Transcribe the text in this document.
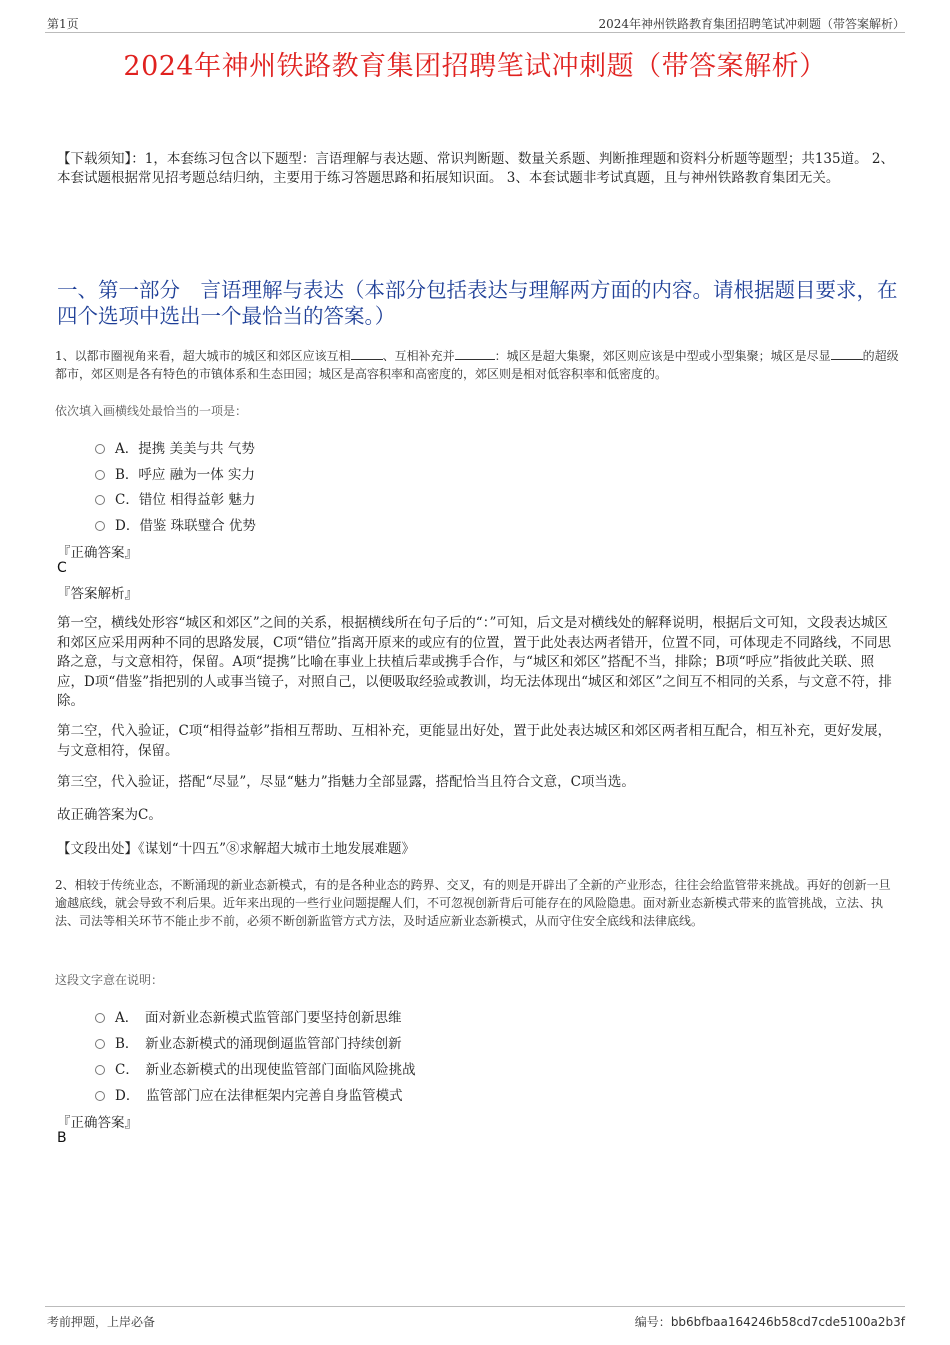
第1页	2024年神州铁路教育集团招聘笔试冲刺题（带答案解析）
2024年神州铁路教育集团招聘笔试冲刺题（带答案解析）
【下载须知】：1，本套练习包含以下题型：言语理解与表达题、常识判断题、数量关系题、判断推理题和资料分析题等题型；共135道。 2、本套试题根据常见招考题总结归纳，主要用于练习答题思路和拓展知识面。 3、本套试题非考试真题，且与神州铁路教育集团无关。
一、第一部分　言语理解与表达（本部分包括表达与理解两方面的内容。请根据题目要求，在四个选项中选出一个最恰当的答案。）
1、以都市圈视角来看，超大城市的城区和郊区应该互相	、互相补充并	：城区是超大集聚，郊区则应该是中型或小型集聚；城区是尽显	的超级都市，郊区则是各有特色的市镇体系和生态田园；城区是高容积率和高密度的，郊区则是相对低容积率和低密度的。
依次填入画横线处最恰当的一项是：
A．提携 美美与共 气势
B．呼应 融为一体 实力
C．错位 相得益彰 魅力
D．借鉴 珠联璧合 优势
『正确答案』
C
『答案解析』
第一空，横线处形容“城区和郊区”之间的关系，根据横线所在句子后的“：”可知，后文是对横线处的解释说明，根据后文可知，文段表达城区和郊区应采用两种不同的思路发展，C项“错位”指离开原来的或应有的位置，置于此处表达两者错开，位置不同，可体现走不同路线，不同思路之意，与文意相符，保留。A项“提携”比喻在事业上扶植后辈或携手合作，与“城区和郊区”搭配不当，排除；B项“呼应”指彼此关联、照应，D项“借鉴”指把别的人或事当镜子，对照自己，以便吸取经验或教训，均无法体现出“城区和郊区”之间互不相同的关系，与文意不符，排除。
第二空，代入验证，C项“相得益彰”指相互帮助、互相补充，更能显出好处，置于此处表达城区和郊区两者相互配合，相互补充，更好发展，与文意相符，保留。
第三空，代入验证，搭配“尽显”，尽显“魅力”指魅力全部显露，搭配恰当且符合文意，C项当选。
故正确答案为C。
【文段出处】《谋划“十四五”⑧求解超大城市土地发展难题》
2、相较于传统业态，不断涌现的新业态新模式，有的是各种业态的跨界、交叉，有的则是开辟出了全新的产业形态，往往会给监管带来挑战。再好的创新一旦逾越底线，就会导致不利后果。近年来出现的一些行业问题提醒人们，不可忽视创新背后可能存在的风险隐患。面对新业态新模式带来的监管挑战，立法、执法、司法等相关环节不能止步不前，必须不断创新监管方式方法，及时适应新业态新模式，从而守住安全底线和法律底线。
这段文字意在说明：
A．　面对新业态新模式监管部门要坚持创新思维
B．　新业态新模式的涌现倒逼监管部门持续创新
C．　新业态新模式的出现使监管部门面临风险挑战
D．　监管部门应在法律框架内完善自身监管模式
『正确答案』
B
考前押题，上岸必备	编号：bb6bfbaa164246b58cd7cde5100a2b3f
